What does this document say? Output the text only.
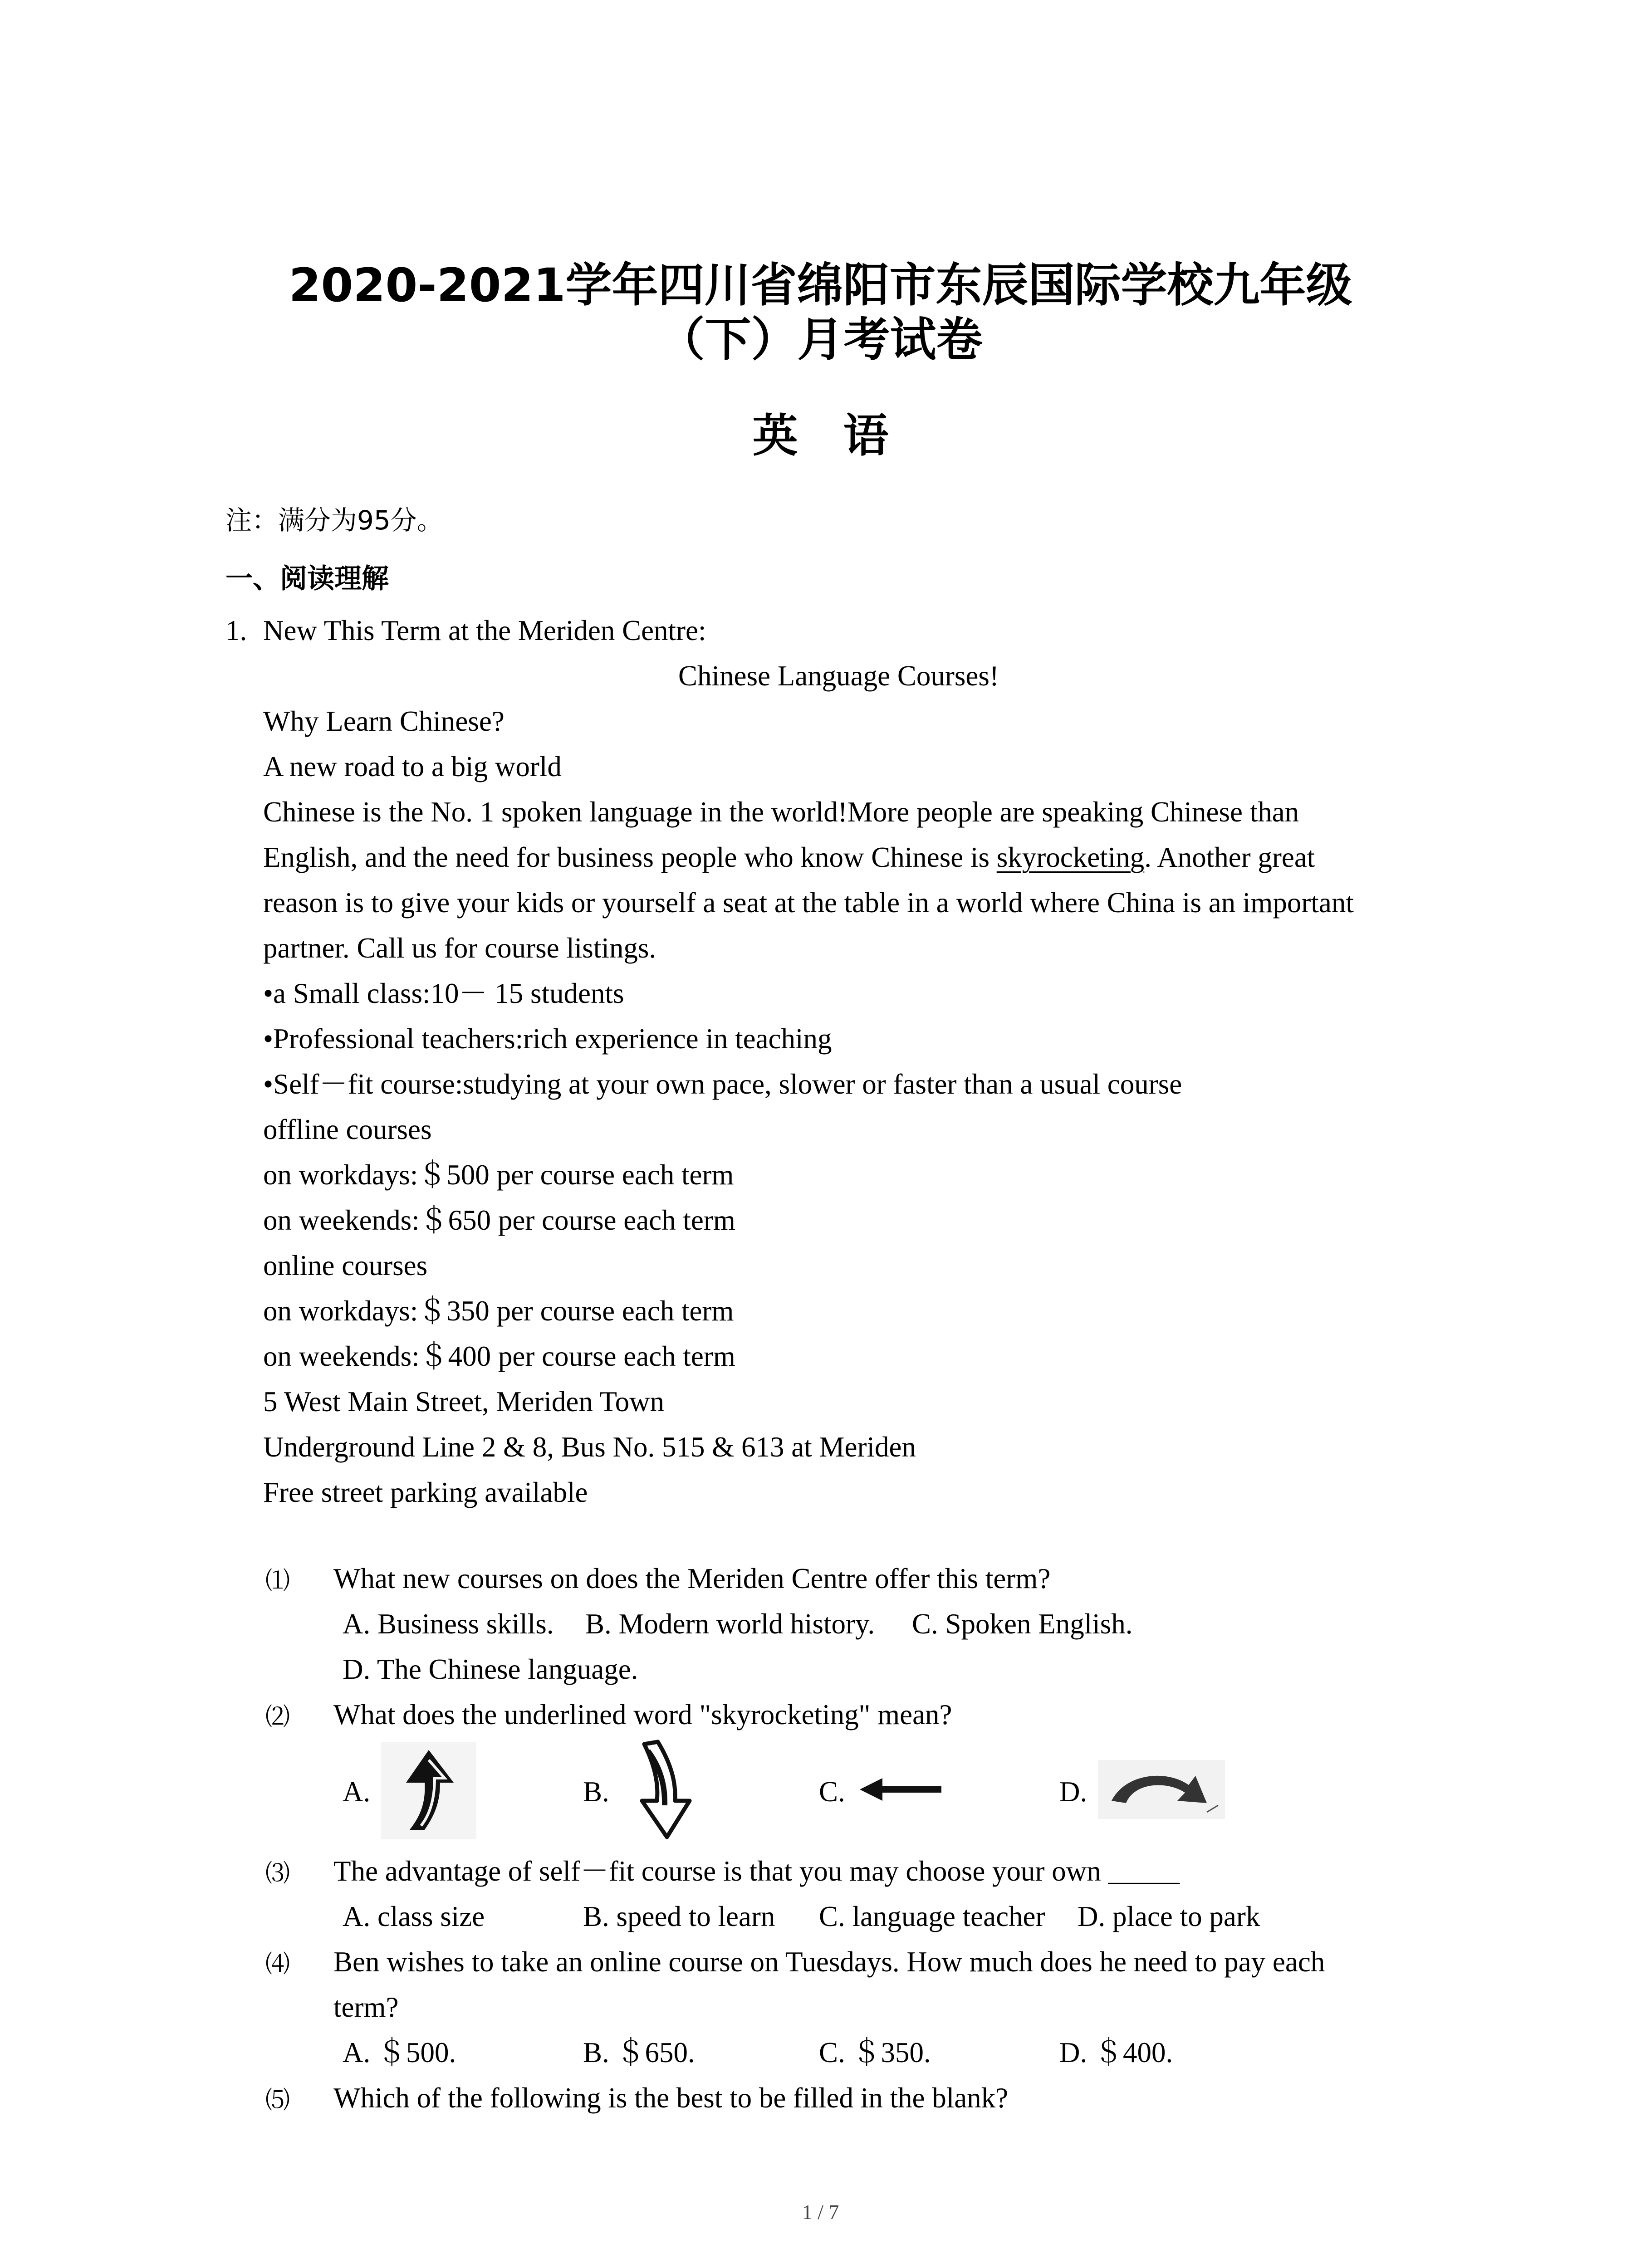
2020-2021学年四川省绵阳市东辰国际学校九年级
（下）月考试卷
英语
注：满分为95分。
一、阅读理解
1. New This Term at the Meriden Centre:
Chinese Language Courses!
Why Learn Chinese?
A new road to a big world
Chinese is the No. 1 spoken language in the world!More people are speaking Chinese than
English, and the need for business people who know Chinese is skyrocketing. Another great
reason is to give your kids or yourself a seat at the table in a world where China is an important
partner. Call us for course listings.
•a Small class:10－ 15 students
•Professional teachers:rich experience in teaching
•Self－fit course:studying at your own pace, slower or faster than a usual course
offline courses
on workdays:＄500 per course each term
on weekends:＄650 per course each term
online courses
on workdays:＄350 per course each term
on weekends:＄400 per course each term
5 West Main Street, Meriden Town
Underground Line 2 & 8, Bus No. 515 & 613 at Meriden
Free street parking available
⑴ What new courses on does the Meriden Centre offer this term?
A. Business skills. B. Modern world history. C. Spoken English.
D. The Chinese language.
⑵ What does the underlined word "skyrocketing" mean?
A.	B.	C.	D.
⑶ The advantage of self－fit course is that you may choose your own _____
A. class size	B. speed to learn C. language teacher D. place to park
⑷ Ben wishes to take an online course on Tuesdays. How much does he need to pay each
term?
A. ＄500.	B. ＄650.	C. ＄350.	D. ＄400.
⑸ Which of the following is the best to be filled in the blank?
1 / 7
